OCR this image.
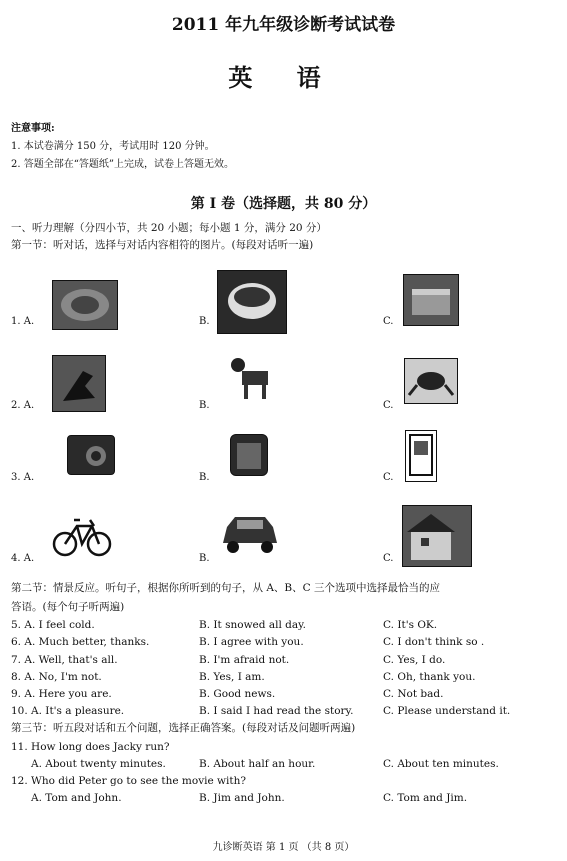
2011 年九年级诊断考试试卷
英 语
注意事项:
1. 本试卷满分 150 分，考试用时 120 分钟。
2. 答题全部在“答题纸”上完成，试卷上答题无效。
第 I 卷（选择题，共 80 分）
一、听力理解（分四小节，共 20 小题；每小题 1 分，满分 20 分）
第一节：听对话，选择与对话内容相符的图片。(每段对话听一遍)
1. A.	B.	C.
2. A.	B.	C.
3. A.	B.	C.
4. A.	B.	C.
第二节：情景反应。听句子，根据你所听到的句子，从 A、B、C 三个选项中选择最恰当的应
答语。(每个句子听两遍)
5. A. I feel cold.	B. It snowed all day.	C. It's OK.
6. A. Much better, thanks.	B. I agree with you.	C. I don't think so .
7. A. Well, that's all.	B. I'm afraid not.	C. Yes, I do.
8. A. No, I'm not.	B. Yes, I am.	C. Oh, thank you.
9. A. Here you are.	B. Good news.	C. Not bad.
10. A. It's a pleasure.	B. I said I had read the story.	C. Please understand it.
第三节：听五段对话和五个问题，选择正确答案。(每段对话及问题听两遍)
11. How long does Jacky run?
A. About twenty minutes.	B. About half an hour.	C. About ten minutes.
12. Who did Peter go to see the movie with?
A. Tom and John.	B. Jim and John.	C. Tom and Jim.
九诊断英语 第 1 页 （共 8 页）
